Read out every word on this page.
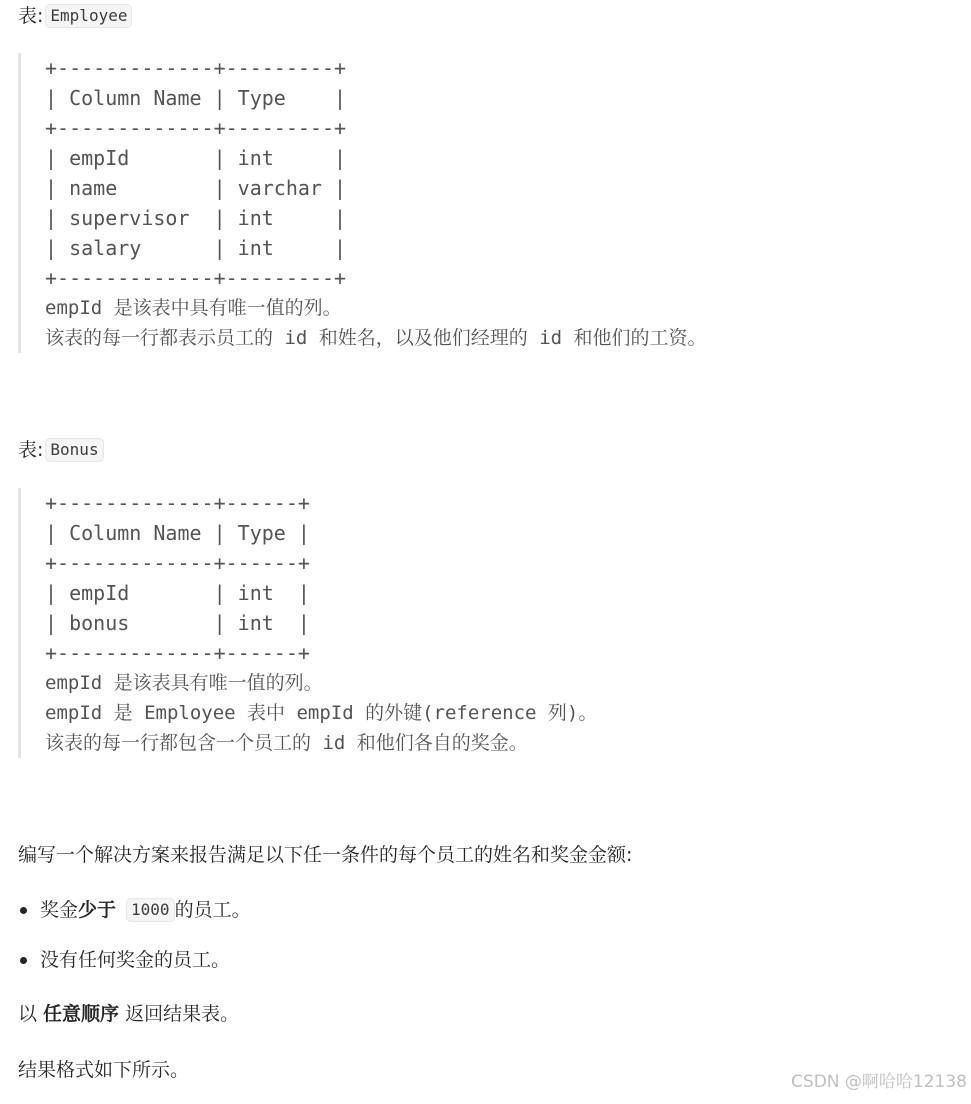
表: Employee
+-------------+---------+
| Column Name | Type    |
+-------------+---------+
| empId       | int     |
| name        | varchar |
| supervisor  | int     |
| salary      | int     |
+-------------+---------+

empId 是该表中具有唯一值的列。

该表的每一行都表示员工的 id 和姓名，以及他们经理的 id 和他们的工资。

表: Bonus
+-------------+------+
| Column Name | Type |
+-------------+------+
| empId       | int  |
| bonus       | int  |
+-------------+------+

empId 是该表具有唯一值的列。

empId 是 Employee 表中 empId 的外键(reference 列)。

该表的每一行都包含一个员工的 id 和他们各自的奖金。

编写一个解决方案来报告满足以下任一条件的每个员工的姓名和奖金金额:

奖金 少于 1000 的员工。
没有任何奖金的员工。

以 任意顺序 返回结果表。

结果格式如下所示。

CSDN @啊哈哈12138
